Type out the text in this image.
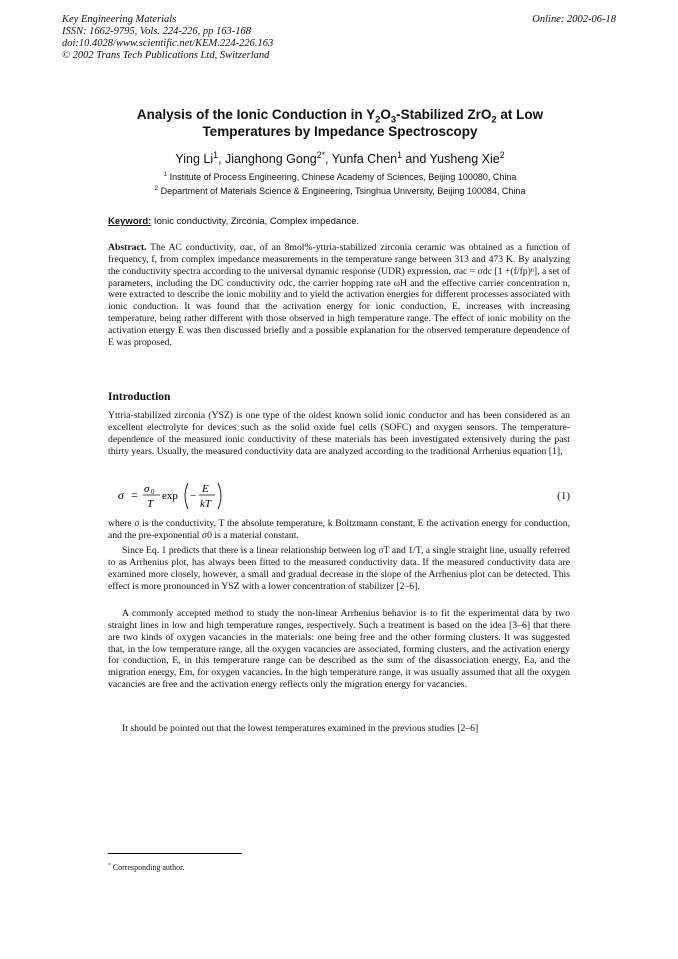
Key Engineering Materials
ISSN: 1662-9795, Vols. 224-226, pp 163-168
doi:10.4028/www.scientific.net/KEM.224-226.163
© 2002 Trans Tech Publications Ltd, Switzerland
Online: 2002-06-18
Analysis of the Ionic Conduction in $Y_2O_3$-Stabilized ZrO$_2$ at Low
Temperatures by Impedance Spectroscopy
Ying Li$^1$, Jianghong Gong$^{2*}$, Yunfa Chen$^1$ and Yusheng Xie$^2$
$^1$ Institute of Process Engineering, Chinese Academy of Sciences, Beijing 100080, China
$^2$ Department of Materials Science & Engineering, Tsinghua University, Beijing 100084, China
Keyword: Ionic conductivity, Zirconia, Complex impedance.
Abstract. The AC conductivity, σac, of an 8mol%-yttria-stabilized zirconia ceramic was obtained as a function of frequency, f, from complex impedance measurements in the temperature range between 313 and 473 K. By analyzing the conductivity spectra according to the universal dynamic response (UDR) expression, σac = σdc [1 +(f/fp)ⁿ], a set of parameters, including the DC conductivity σdc, the carrier hopping rate ωH and the effective carrier concentration n, were extracted to describe the ionic mobility and to yield the activation energies for different processes associated with ionic conduction. It was found that the activation energy for ionic conduction, E, increases with increasing temperature, being rather different with those observed in high temperature range. The effect of ionic mobility on the activation energy E was then discussed briefly and a possible explanation for the observed temperature dependence of E was proposed.
Introduction
Yttria-stabilized zirconia (YSZ) is one type of the oldest known solid ionic conductor and has been considered as an excellent electrolyte for devices such as the solid oxide fuel cells (SOFC) and oxygen sensors. The temperature-dependence of the measured ionic conductivity of these materials has been investigated extensively during the past thirty years. Usually, the measured conductivity data are analyzed according to the traditional Arrhenius equation [1],
σ = σ 0
T
exp −
E
kT
(1)
where σ is the conductivity, T the absolute temperature, k Boltzmann constant, E the activation energy for conduction, and the pre-exponential σ0 is a material constant.
Since Eq. 1 predicts that there is a linear relationship between log σT and 1/T, a single straight line, usually referred to as Arrhenius plot, has always been fitted to the measured conductivity data. If the measured conductivity data are examined more closely, however, a small and gradual decrease in the slope of the Arrhenius plot can be detected. This effect is more pronounced in YSZ with a lower concentration of stabilizer [2–6].
A commonly accepted method to study the non-linear Arrhenius behavior is to fit the experimental data by two straight lines in low and high temperature ranges, respectively. Such a treatment is based on the idea [3–6] that there are two kinds of oxygen vacancies in the materials: one being free and the other forming clusters. It was suggested that, in the low temperature range, all the oxygen vacancies are associated, forming clusters, and the activation energy for conduction, E, in this temperature range can be described as the sum of the disassociation energy, Ea, and the migration energy, Em, for oxygen vacancies. In the high temperature range, it was usually assumed that all the oxygen vacancies are free and the activation energy reflects only the migration energy for vacancies.
It should be pointed out that the lowest temperatures examined in the previous studies [2–6]
* Corresponding author.
